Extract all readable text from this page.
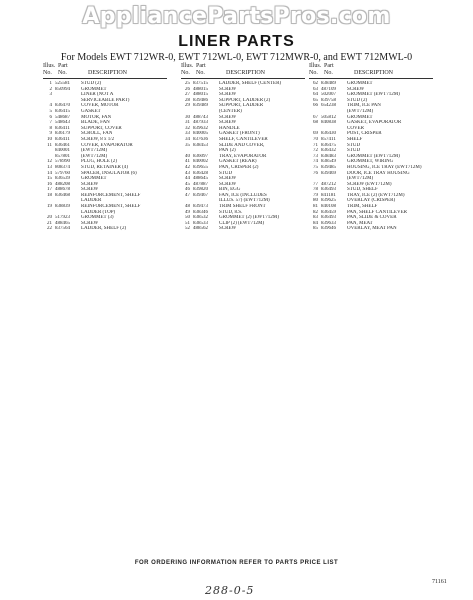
AppliancePartsPros.com
LINER PARTS
For Models EWT 712WR-0, EWT 712WL-0, EWT 712MWR-0, and EWT 712MWL-0
Illus.
No.
Part
No.	DESCRIPTION
1 525581	STUD (2)
2 850994	GROMMET
3	LINER (NOT A
SERVICEABLE PART)
4 836470	COVER, MOTOR
5 836415	GASKET
6 548687	MOTOR, FAN
7 548643	BLADE, FAN
8 836411	SUPPORT, COVER
9 836179	SCROLL, FAN
10 836411	SCREW, 8 x 1/2
11 836461	COVER, EVAPORATOR
840001	(EWT712M)
857801	(EWT712M)
12 578990	PLUG, HOLE (2)
13 808374	STUD, RETAINER (4)
14 579760	SPACER, INSULATOR (6)
15 836539	GROMMET
16 488208	SCREW
17 488678	SCREW
18 836468	REINFORCEMENT, SHELF
LADDER
19 838839	REINFORCEMENT, SHELF
LADDER (TOP)
20 517923	GROMMET (3)
21 488465	SCREW
22 837564	LADDER, SHELF (2)
Illus.
No.
Part
No.	DESCRIPTION
25 837515	LADDER, SHELF (CENTER)
26 488015	SCREW
27 488015	SCREW
28 839486	SUPPORT, LADDER (2)
29 839489	SUPPORT, LADDER
(CENTER)
30 488743	SCREW
31 487933	SCREW
32 839632	HANDLE
33 840005	GASKET (FRONT)
34 837636	SHELF, CANTILEVER
35 838453	SLIDE AND COVER,
PAN (2)
40 836097	TRAY, EVAPORATOR
41 840002	GASKET (REAR)
42 839655	PAN, CRISPER (2)
43 836428	STUD
44 488645	SCREW
45 487887	SCREW
46 839820	BIN, EGG
47 839467	FAN, ICE (INCLUDES
ILLUS. 57) (EWT712M)
48 839473	TRIM SHELF FRONT
49 838346	STUD, 8.S.
50 838532	GROMMET (2) (EWT712M)
51 838533	CLIP (2) (EWT712M)
52 488562	SCREW
Illus.
No.
Part
No.	DESCRIPTION
62 838489	GROMMET
63 487109	SCREW
64 502007	GROMMET (EWT712M)
65 839758	STUD (2)
66 654238	TRIM, ICE PAN
(EWT712M)
67 505812	GROMMET
68 840838	GASKET, EVAPORATOR
COVER
69 836430	POST, CRISPER
70 857411	SHELF
71 836475	STUD
72 836432	STUD
73 838483	GROMMET (EWT712M)
74 838549	GROMMET, WIRING
75 839485	HOUSING, ICE TRAY (EWT712M)
76 839469	DOOR, ICE TRAY HOUSING
(EWT712M)
77 487212	SCREW (EWT712M)
78 836493	STUD, SHELF
79 841181	TRAY, ICE (2) (EWT712M)
80 839625	OVERLAY (CRISPER)
81 840108	TRIM, SHELF
82 836459	PAN, SHELF CANTILEVER
83 836493	PAN, SLIDE & COVER
84 839633	PAN, MEAT
85 839646	OVERLAY, MEAT PAN
FOR ORDERING INFORMATION REFER TO PARTS PRICE LIST
71161
288-0-5
